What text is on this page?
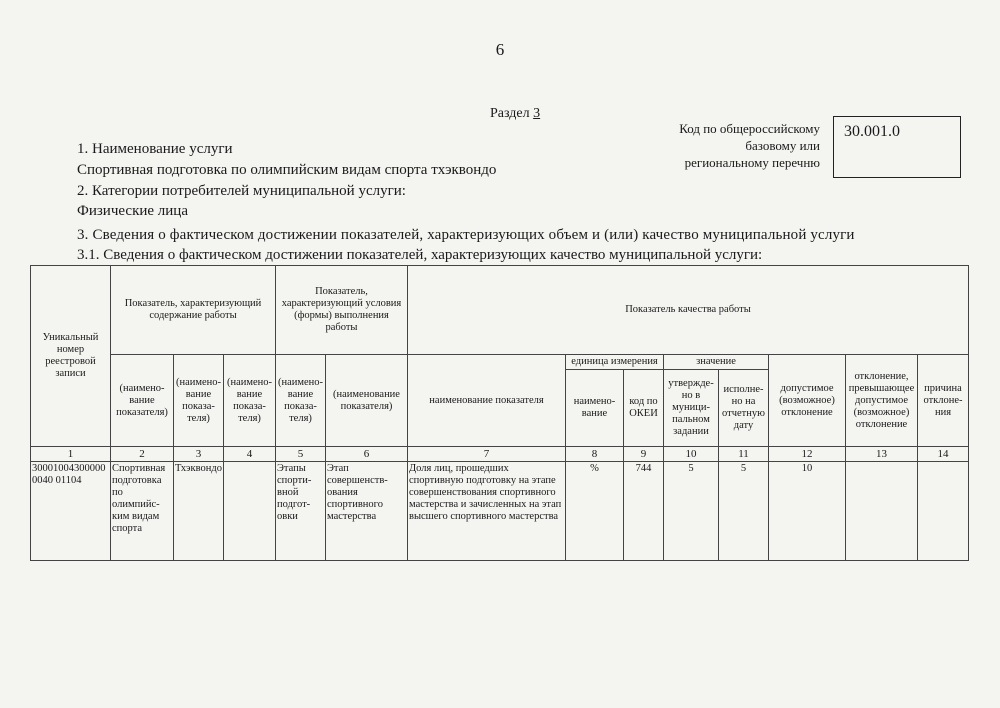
6
Раздел 3
Код по общероссийскому
базовому или
региональному перечню
30.001.0
1. Наименование услуги
Спортивная подготовка по олимпийским видам спорта тхэквондо
2. Категории потребителей муниципальной услуги:
Физические лица
3. Сведения о фактическом достижении показателей, характеризующих объем и (или) качество муниципальной услуги
3.1. Сведения о фактическом достижении показателей, характеризующих качество муниципальной услуги:
Уникальный номер реестровой записи	Показатель, характеризующий содержание работы			Показатель, характеризующий условия (формы) выполнения работы		Показатель качества работы							
	(наименование показателя)	(наименование показателя)	(наименование показателя)	(наименование показателя)	(наименование показателя)	наименование показателя	единица измерения		значение		допустимое (возможное) отклонение	отклонение, превышающее допустимое (возможное) отклонение	причина отклонения
							наименование	код по ОКЕИ	утверждено в муниципальном задании	исполнено на отчетную дату			
1	2	3	4	5	6	7	8	9	10	11	12	13	14
300010043000000040 01104	Спортивная подготовкa по олимпийским видам спорта	Тхэквондо		Этапы спортивной подготовки	Этап совершенствования спортивного мастерства	Доля лиц, прошедших спортивную подготовку на этапе совершенствования спортивного мастерства и зачисленных на этап высшего спортивного мастерства	%	744	5	5	10		
